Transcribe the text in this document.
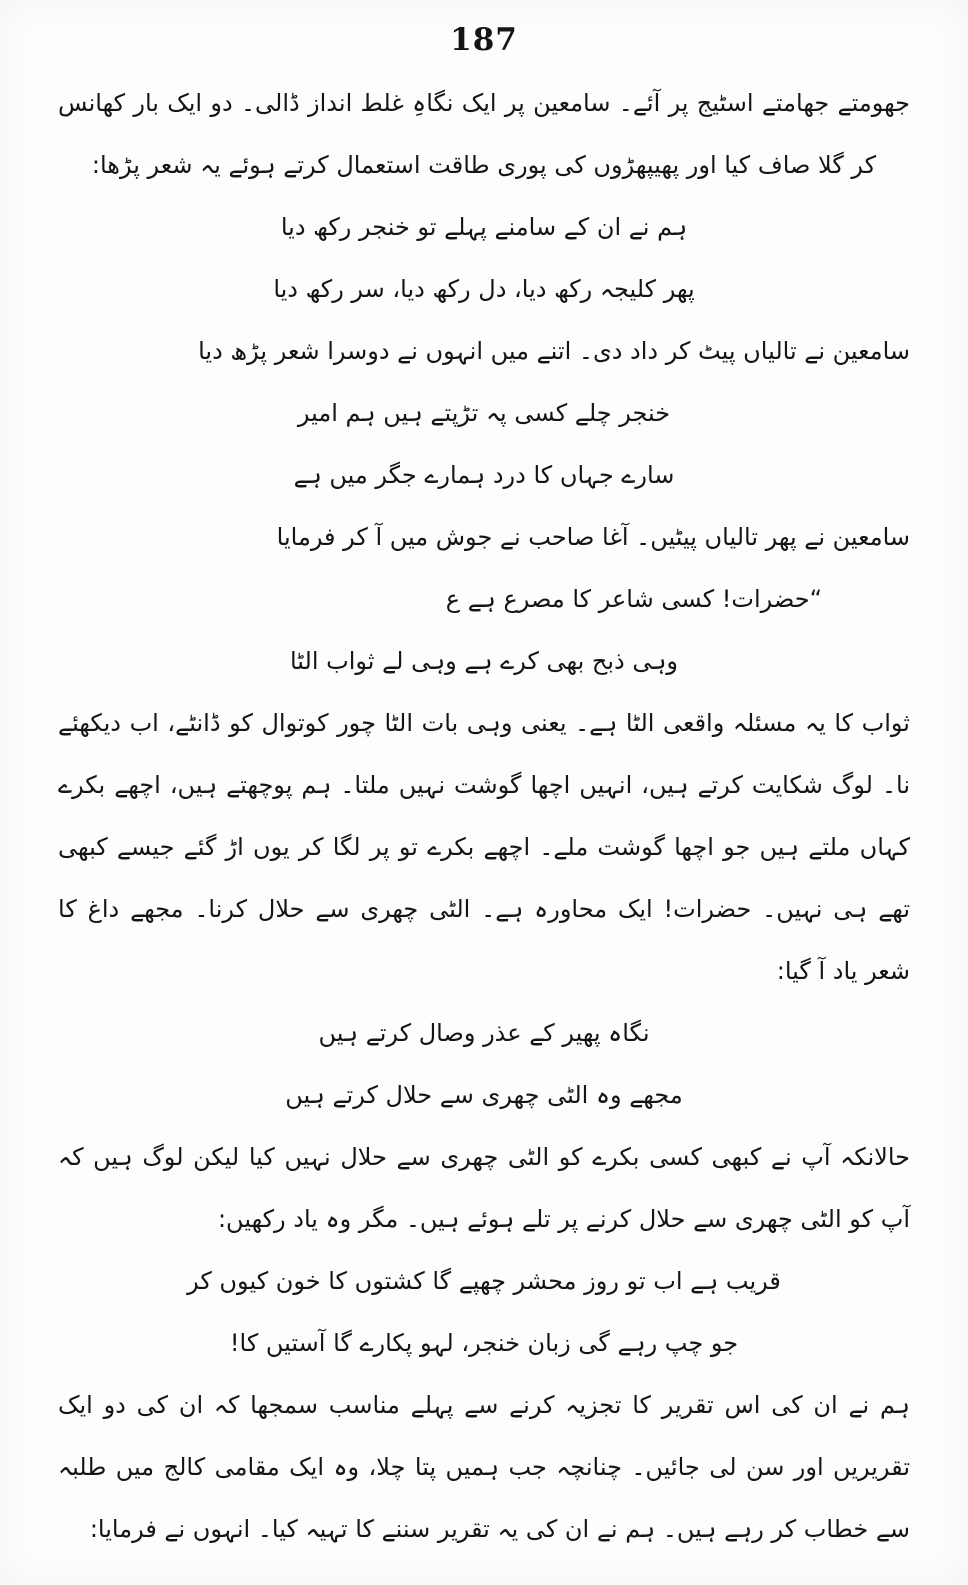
187
جھومتے جھامتے اسٹیج پر آئے۔ سامعین پر ایک نگاہِ غلط انداز ڈالی۔ دو ایک بار کھانس کر گلا صاف کیا اور پھیپھڑوں کی پوری طاقت استعمال کرتے ہوئے یہ شعر پڑھا:
ہم نے ان کے سامنے پہلے تو خنجر رکھ دیا
پھر کلیجہ رکھ دیا، دل رکھ دیا، سر رکھ دیا
سامعین نے تالیاں پیٹ کر داد دی۔ اتنے میں انہوں نے دوسرا شعر پڑھ دیا
خنجر چلے کسی پہ تڑپتے ہیں ہم امیر
سارے جہاں کا درد ہمارے جگر میں ہے
سامعین نے پھر تالیاں پیٹیں۔ آغا صاحب نے جوش میں آ کر فرمایا
“حضرات! کسی شاعر کا مصرع ہے ع
وہی ذبح بھی کرے ہے وہی لے ثواب الٹا
ثواب کا یہ مسئلہ واقعی الٹا ہے۔ یعنی وہی بات الٹا چور کوتوال کو ڈانٹے، اب دیکھئے نا۔ لوگ شکایت کرتے ہیں، انہیں اچھا گوشت نہیں ملتا۔ ہم پوچھتے ہیں، اچھے بکرے کہاں ملتے ہیں جو اچھا گوشت ملے۔ اچھے بکرے تو پر لگا کر یوں اڑ گئے جیسے کبھی تھے ہی نہیں۔ حضرات! ایک محاورہ ہے۔ الٹی چھری سے حلال کرنا۔ مجھے داغ کا شعر یاد آ گیا:
نگاہ پھیر کے عذر وصال کرتے ہیں
مجھے وہ الٹی چھری سے حلال کرتے ہیں
حالانکہ آپ نے کبھی کسی بکرے کو الٹی چھری سے حلال نہیں کیا لیکن لوگ ہیں کہ آپ کو الٹی چھری سے حلال کرنے پر تلے ہوئے ہیں۔ مگر وہ یاد رکھیں:
قریب ہے اب تو روز محشر چھپے گا کشتوں کا خون کیوں کر
جو چپ رہے گی زبان خنجر، لہو پکارے گا آستیں کا!
ہم نے ان کی اس تقریر کا تجزیہ کرنے سے پہلے مناسب سمجھا کہ ان کی دو ایک تقریریں اور سن لی جائیں۔ چنانچہ جب ہمیں پتا چلا، وہ ایک مقامی کالج میں طلبہ سے خطاب کر رہے ہیں۔ ہم نے ان کی یہ تقریر سننے کا تہیہ کیا۔ انہوں نے فرمایا:
